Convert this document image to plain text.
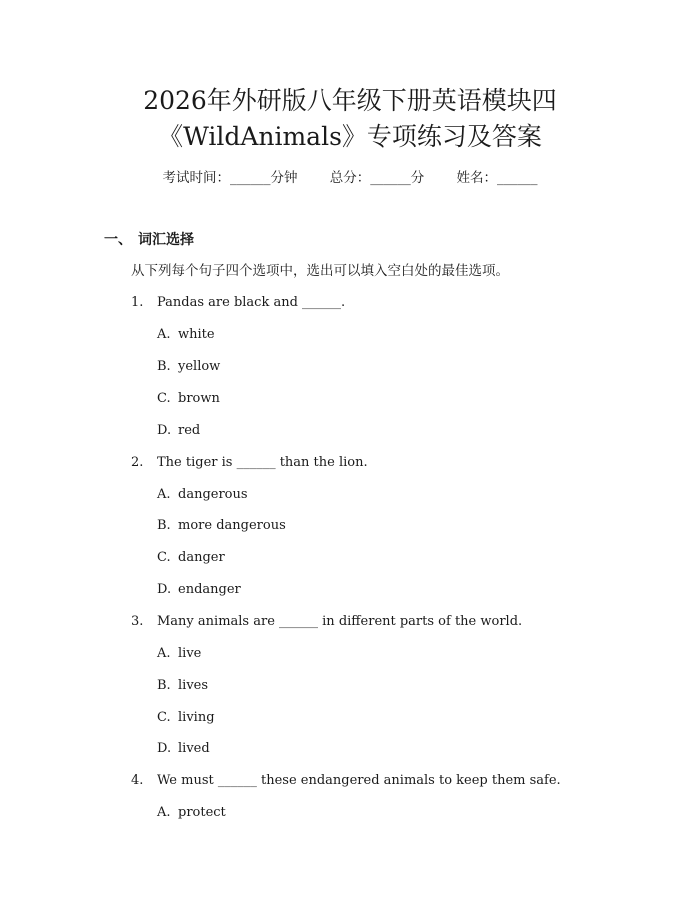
2026年外研版八年级下册英语模块四
《WildAnimals》专项练习及答案
考试时间：______分钟 总分：______分 姓名：______
一、 词汇选择
从下列每个句子四个选项中，选出可以填入空白处的最佳选项。
1. Pandas are black and ______.
A. white
B. yellow
C. brown
D. red
2. The tiger is ______ than the lion.
A. dangerous
B. more dangerous
C. danger
D. endanger
3. Many animals are ______ in different parts of the world.
A. live
B. lives
C. living
D. lived
4. We must ______ these endangered animals to keep them safe.
A. protect
